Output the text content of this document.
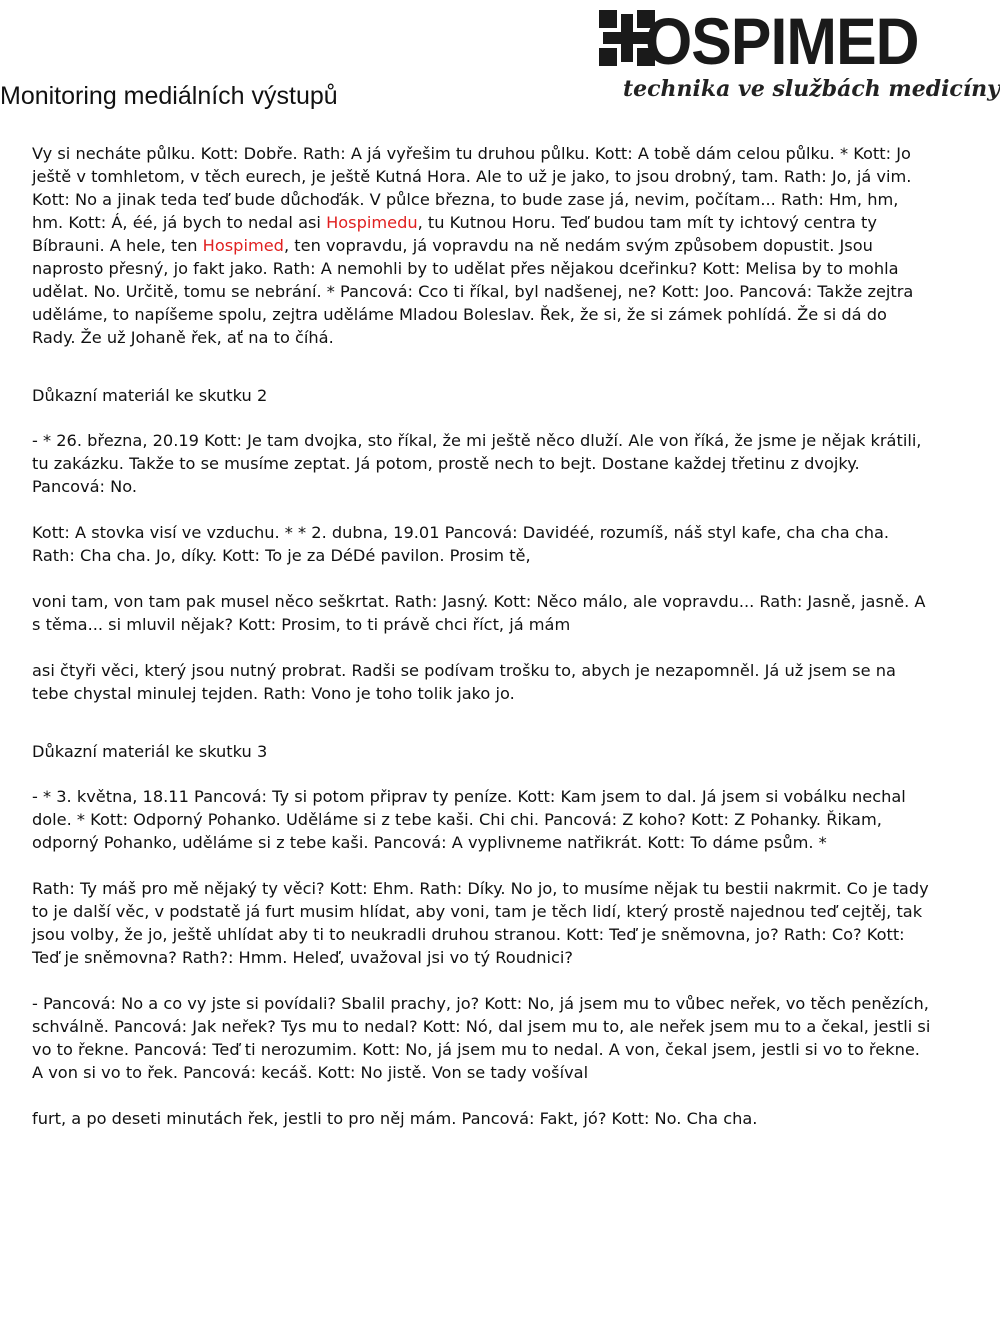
OSPIMED
technika ve službách medicíny
Monitoring mediálních výstupů

Vy si necháte půlku. Kott: Dobře. Rath: A já vyřešim tu druhou půlku. Kott: A tobě dám celou půlku. * Kott: Jo ještě v tomhletom, v těch eurech, je ještě Kutná Hora. Ale to už je jako, to jsou drobný, tam. Rath: Jo, já vim. Kott: No a jinak teda teď bude důchoďák. V půlce března, to bude zase já, nevim, počítam... Rath: Hm, hm, hm. Kott: Á, éé, já bych to nedal asi Hospimedu, tu Kutnou Horu. Teď budou tam mít ty ichtový centra ty Bíbrauni. A hele, ten Hospimed, ten vopravdu, já vopravdu na ně nedám svým způsobem dopustit. Jsou naprosto přesný, jo fakt jako. Rath: A nemohli by to udělat přes nějakou dceřinku? Kott: Melisa by to mohla udělat. No. Určitě, tomu se nebrání. * Pancová: Cco ti říkal, byl nadšenej, ne? Kott: Joo. Pancová: Takže zejtra uděláme, to napíšeme spolu, zejtra uděláme Mladou Boleslav. Řek, že si, že si zámek pohlídá. Že si dá do Rady. Že už Johaně řek, ať na to číhá.

Důkazní materiál ke skutku 2

- * 26. března, 20.19 Kott: Je tam dvojka, sto říkal, že mi ještě něco dluží. Ale von říká, že jsme je nějak krátili, tu zakázku. Takže to se musíme zeptat. Já potom, prostě nech to bejt. Dostane každej třetinu z dvojky. Pancová: No.

Kott: A stovka visí ve vzduchu. * * 2. dubna, 19.01 Pancová: Davidéé, rozumíš, náš styl kafe, cha cha cha. Rath: Cha cha. Jo, díky. Kott: To je za DéDé pavilon. Prosim tě,

voni tam, von tam pak musel něco seškrtat. Rath: Jasný. Kott: Něco málo, ale vopravdu... Rath: Jasně, jasně. A s těma... si mluvil nějak? Kott: Prosim, to ti právě chci říct, já mám

asi čtyři věci, který jsou nutný probrat. Radši se podívam trošku to, abych je nezapomněl. Já už jsem se na tebe chystal minulej tejden. Rath: Vono je toho tolik jako jo.

Důkazní materiál ke skutku 3

- * 3. května, 18.11 Pancová: Ty si potom připrav ty peníze. Kott: Kam jsem to dal. Já jsem si vobálku nechal dole. * Kott: Odporný Pohanko. Uděláme si z tebe kaši. Chi chi. Pancová: Z koho? Kott: Z Pohanky. Řikam, odporný Pohanko, uděláme si z tebe kaši. Pancová: A vyplivneme natřikrát. Kott: To dáme psům. *

Rath: Ty máš pro mě nějaký ty věci? Kott: Ehm. Rath: Díky. No jo, to musíme nějak tu bestii nakrmit. Co je tady to je další věc, v podstatě já furt musim hlídat, aby voni, tam je těch lidí, který prostě najednou teď cejtěj, tak jsou volby, že jo, ještě uhlídat aby ti to neukradli druhou stranou. Kott: Teď je sněmovna, jo? Rath: Co? Kott: Teď je sněmovna? Rath?: Hmm. Heleď, uvažoval jsi vo tý Roudnici?

- Pancová: No a co vy jste si povídali? Sbalil prachy, jo? Kott: No, já jsem mu to vůbec neřek, vo těch penězích, schválně. Pancová: Jak neřek? Tys mu to nedal? Kott: Nó, dal jsem mu to, ale neřek jsem mu to a čekal, jestli si vo to řekne. Pancová: Teď ti nerozumim. Kott: No, já jsem mu to nedal. A von, čekal jsem, jestli si vo to řekne. A von si vo to řek. Pancová: kecáš. Kott: No jistě. Von se tady vošíval

furt, a po deseti minutách řek, jestli to pro něj mám. Pancová: Fakt, jó? Kott: No. Cha cha.
